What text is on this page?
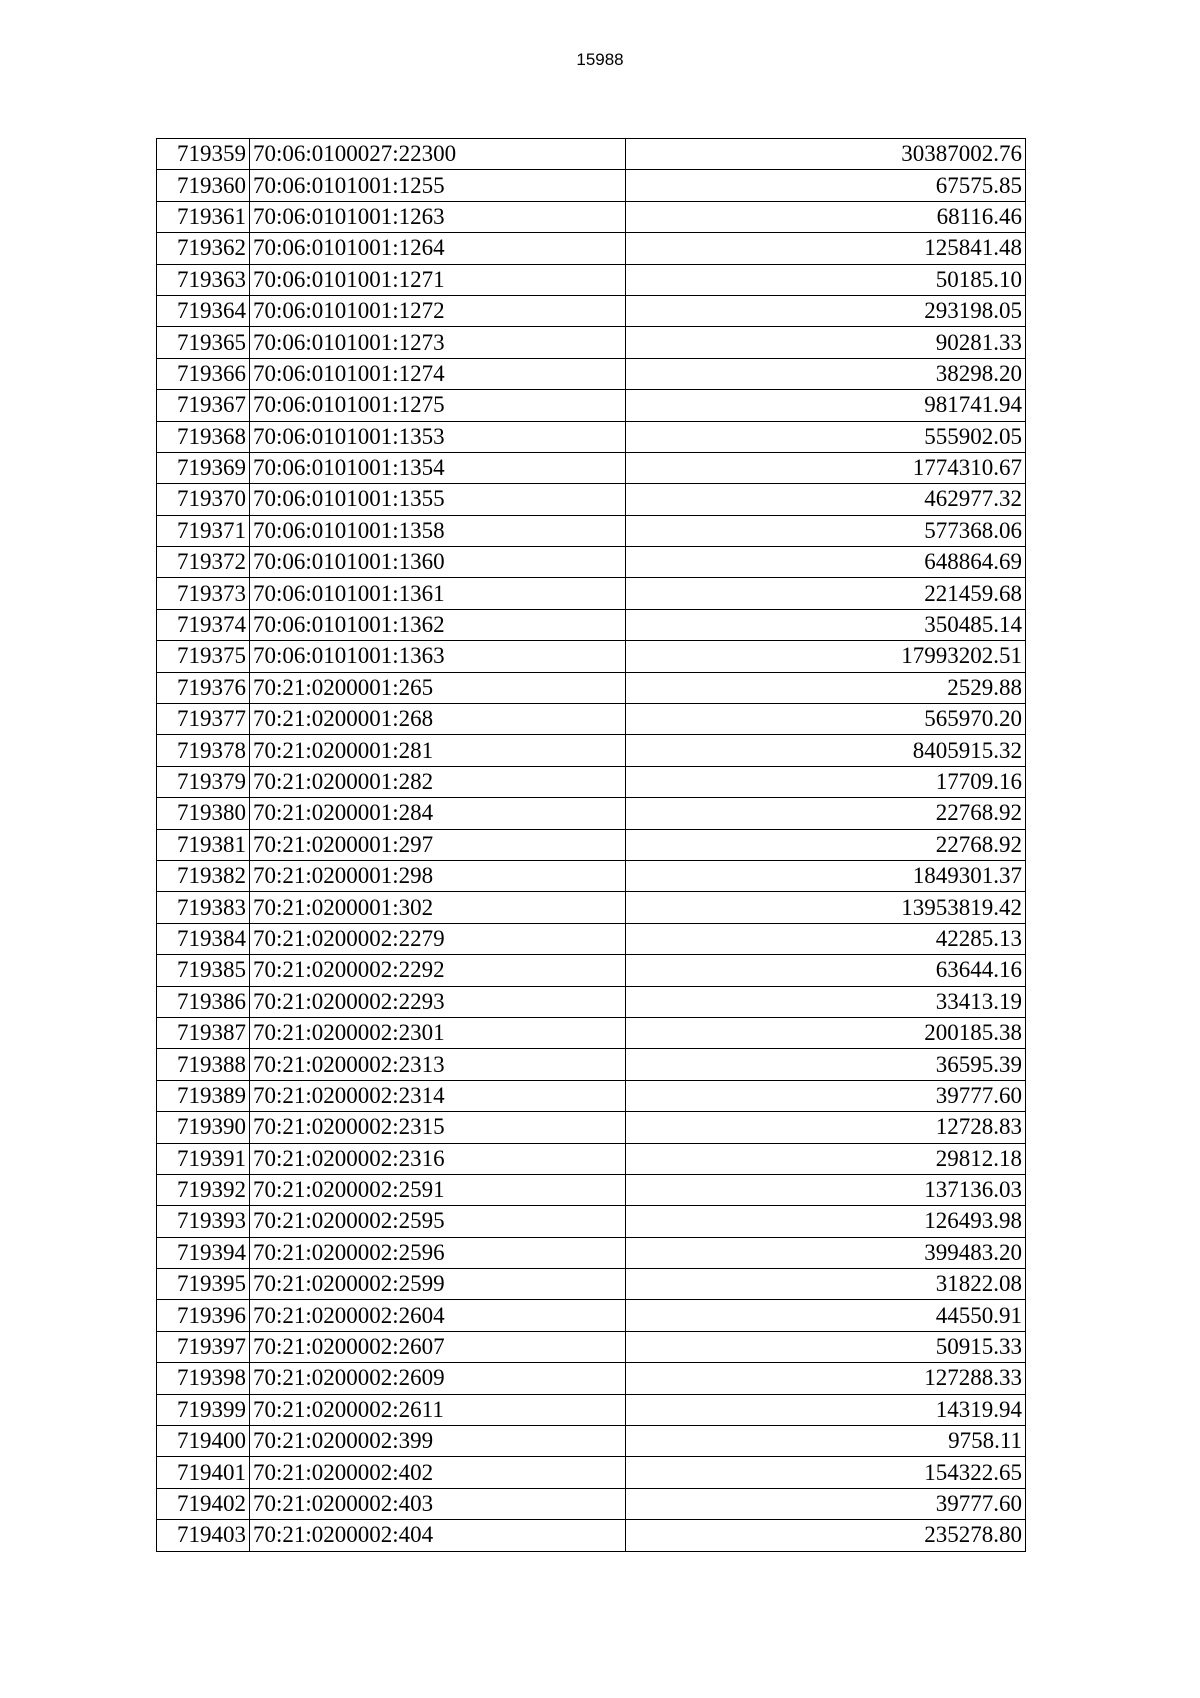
15988
719359	70:06:0100027:22300	30387002.76
719360	70:06:0101001:1255	67575.85
719361	70:06:0101001:1263	68116.46
719362	70:06:0101001:1264	125841.48
719363	70:06:0101001:1271	50185.10
719364	70:06:0101001:1272	293198.05
719365	70:06:0101001:1273	90281.33
719366	70:06:0101001:1274	38298.20
719367	70:06:0101001:1275	981741.94
719368	70:06:0101001:1353	555902.05
719369	70:06:0101001:1354	1774310.67
719370	70:06:0101001:1355	462977.32
719371	70:06:0101001:1358	577368.06
719372	70:06:0101001:1360	648864.69
719373	70:06:0101001:1361	221459.68
719374	70:06:0101001:1362	350485.14
719375	70:06:0101001:1363	17993202.51
719376	70:21:0200001:265	2529.88
719377	70:21:0200001:268	565970.20
719378	70:21:0200001:281	8405915.32
719379	70:21:0200001:282	17709.16
719380	70:21:0200001:284	22768.92
719381	70:21:0200001:297	22768.92
719382	70:21:0200001:298	1849301.37
719383	70:21:0200001:302	13953819.42
719384	70:21:0200002:2279	42285.13
719385	70:21:0200002:2292	63644.16
719386	70:21:0200002:2293	33413.19
719387	70:21:0200002:2301	200185.38
719388	70:21:0200002:2313	36595.39
719389	70:21:0200002:2314	39777.60
719390	70:21:0200002:2315	12728.83
719391	70:21:0200002:2316	29812.18
719392	70:21:0200002:2591	137136.03
719393	70:21:0200002:2595	126493.98
719394	70:21:0200002:2596	399483.20
719395	70:21:0200002:2599	31822.08
719396	70:21:0200002:2604	44550.91
719397	70:21:0200002:2607	50915.33
719398	70:21:0200002:2609	127288.33
719399	70:21:0200002:2611	14319.94
719400	70:21:0200002:399	9758.11
719401	70:21:0200002:402	154322.65
719402	70:21:0200002:403	39777.60
719403	70:21:0200002:404	235278.80
